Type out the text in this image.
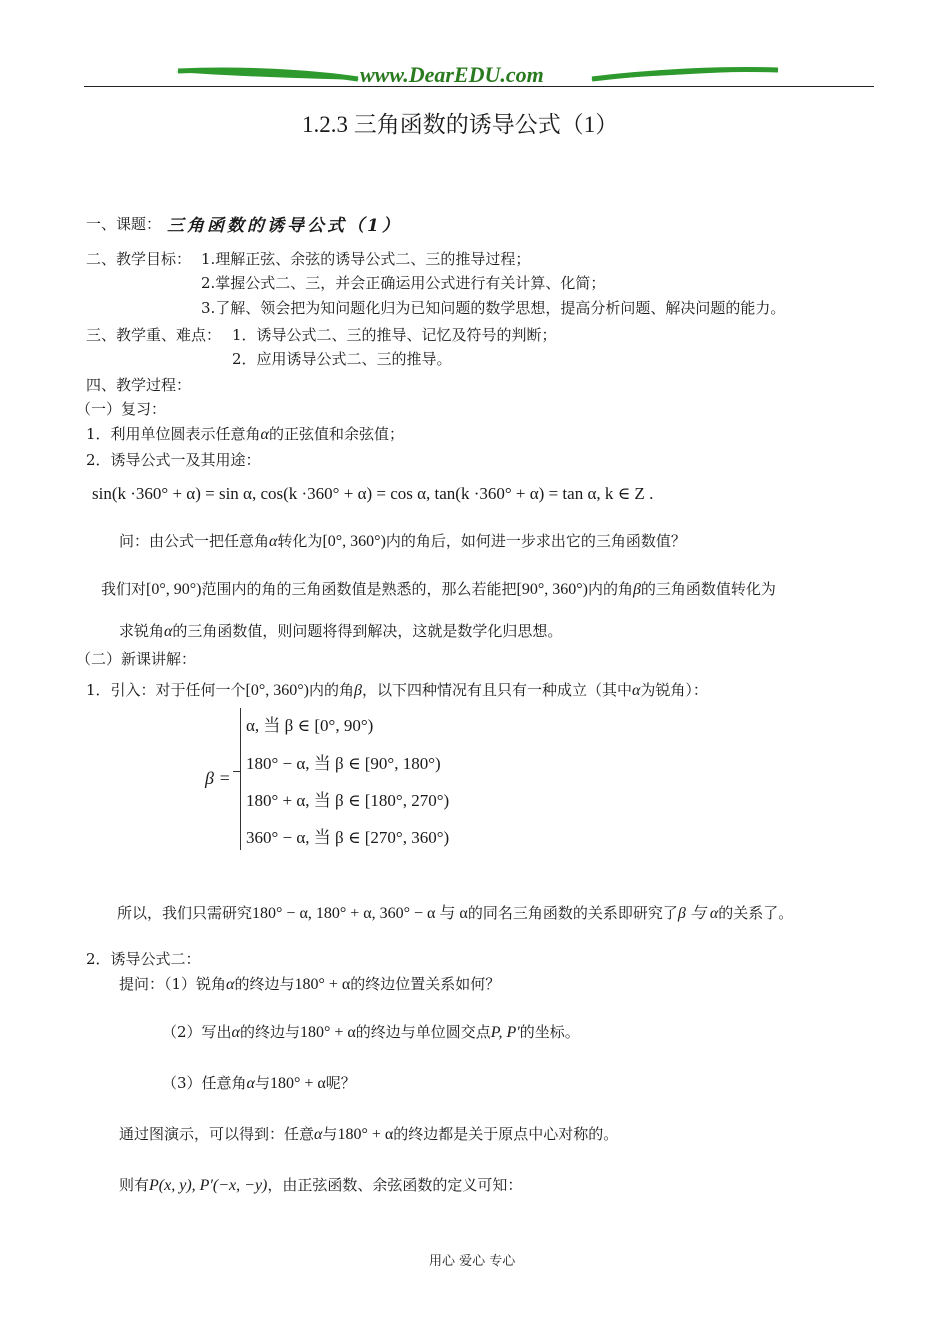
www.DearEDU.com
1.2.3 三角函数的诱导公式（1）
一、课题： 三角函数的诱导公式（1）
二、教学目标： 1.理解正弦、余弦的诱导公式二、三的推导过程；
2.掌握公式二、三，并会正确运用公式进行有关计算、化简；
3.了解、领会把为知问题化归为已知问题的数学思想，提高分析问题、解决问题的能力。
三、教学重、难点： 1．诱导公式二、三的推导、记忆及符号的判断；
2．应用诱导公式二、三的推导。
四、教学过程：
（一）复习：
1．利用单位圆表示任意角α的正弦值和余弦值；
2．诱导公式一及其用途：
sin(k ·360° + α) = sin α, cos(k ·360° + α) = cos α, tan(k ·360° + α) = tan α, k ∈ Z .
问：由公式一把任意角α转化为[0°, 360°)内的角后，如何进一步求出它的三角函数值？
我们对[0°, 90°)范围内的角的三角函数值是熟悉的，那么若能把[90°, 360°)内的角β的三角函数值转化为
求锐角α的三角函数值，则问题将得到解决，这就是数学化归思想。
（二）新课讲解：
1．引入：对于任何一个[0°, 360°)内的角β，以下四种情况有且只有一种成立（其中α为锐角）：
β =
α, 当 β ∈ [0°, 90°)
180° − α, 当 β ∈ [90°, 180°)
180° + α, 当 β ∈ [180°, 270°)
360° − α, 当 β ∈ [270°, 360°)
所以，我们只需研究180° − α, 180° + α, 360° − α 与 α的同名三角函数的关系即研究了β 与 α的关系了。
2．诱导公式二：
提问：（1）锐角α的终边与180° + α的终边位置关系如何？
（2）写出α的终边与180° + α的终边与单位圆交点P, P′的坐标。
（3）任意角α与180° + α呢？
通过图演示，可以得到：任意α与180° + α的终边都是关于原点中心对称的。
则有P(x, y), P′(−x, −y)，由正弦函数、余弦函数的定义可知：
用心 爱心 专心
